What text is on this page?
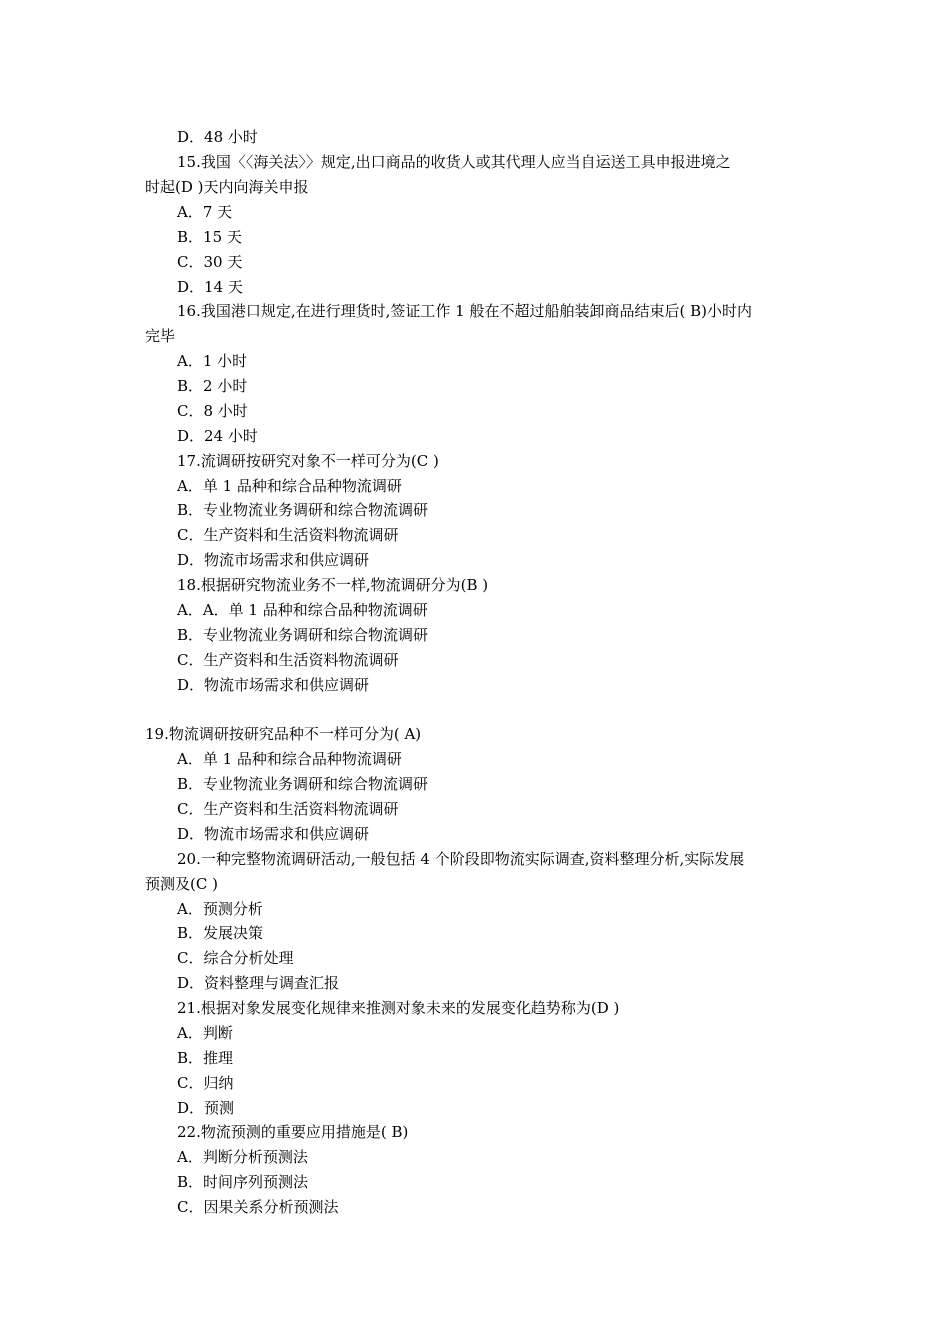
D．48 小时
15.我国〈〈海关法〉〉规定,出口商品的收货人或其代理人应当自运送工具申报进境之
时起(D )天内向海关申报
A．7 天
B．15 天
C．30 天
D．14 天
16.我国港口规定,在进行理货时,签证工作 1 般在不超过船舶装卸商品结束后( B)小时内
完毕
A．1 小时
B．2 小时
C．8 小时
D．24 小时
17.流调研按研究对象不一样可分为(C )
A．单 1 品种和综合品种物流调研
B．专业物流业务调研和综合物流调研
C．生产资料和生活资料物流调研
D．物流市场需求和供应调研
18.根据研究物流业务不一样,物流调研分为(B )
A．A．单 1 品种和综合品种物流调研
B．专业物流业务调研和综合物流调研
C．生产资料和生活资料物流调研
D．物流市场需求和供应调研
19.物流调研按研究品种不一样可分为( A)
A．单 1 品种和综合品种物流调研
B．专业物流业务调研和综合物流调研
C．生产资料和生活资料物流调研
D．物流市场需求和供应调研
20.一种完整物流调研活动,一般包括 4 个阶段即物流实际调查,资料整理分析,实际发展
预测及(C )
A．预测分析
B．发展决策
C．综合分析处理
D．资料整理与调查汇报
21.根据对象发展变化规律来推测对象未来的发展变化趋势称为(D )
A．判断
B．推理
C．归纳
D．预测
22.物流预测的重要应用措施是( B)
A．判断分析预测法
B．时间序列预测法
C．因果关系分析预测法
